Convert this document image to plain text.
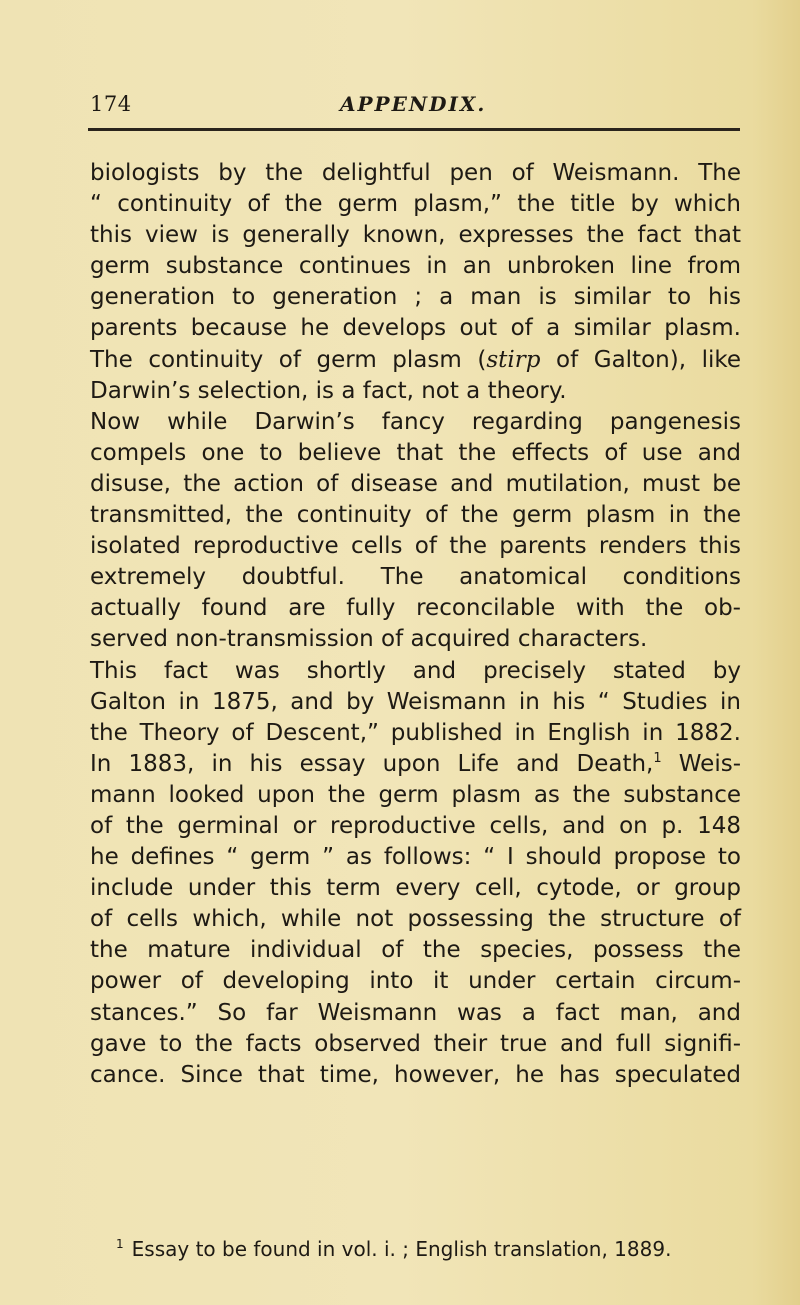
174	APPENDIX.
biologists by the delightful pen of Weismann. The
“ continuity of the germ plasm,” the title by which
this view is generally known, expresses the fact that
germ substance continues in an unbroken line from
generation to generation ; a man is similar to his
parents because he develops out of a similar plasm.
The continuity of germ plasm (stirp of Galton), like
Darwin’s selection, is a fact, not a theory.
Now while Darwin’s fancy regarding pangenesis
compels one to believe that the effects of use and
disuse, the action of disease and mutilation, must be
transmitted, the continuity of the germ plasm in the
isolated reproductive cells of the parents renders this
extremely doubtful. The anatomical conditions
actually found are fully reconcilable with the ob-
served non-transmission of acquired characters.
This fact was shortly and precisely stated by
Galton in 1875, and by Weismann in his “ Studies in
the Theory of Descent,” published in English in 1882.
In 1883, in his essay upon Life and Death,$^1$ Weis-
mann looked upon the germ plasm as the substance
of the germinal or reproductive cells, and on p. 148
he defines “ germ ” as follows: “ I should propose to
include under this term every cell, cytode, or group
of cells which, while not possessing the structure of
the mature individual of the species, possess the
power of developing into it under certain circum-
stances.” So far Weismann was a fact man, and
gave to the facts observed their true and full signifi-
cance. Since that time, however, he has speculated
$^1$ Essay to be found in vol. i. ; English translation, 1889.
